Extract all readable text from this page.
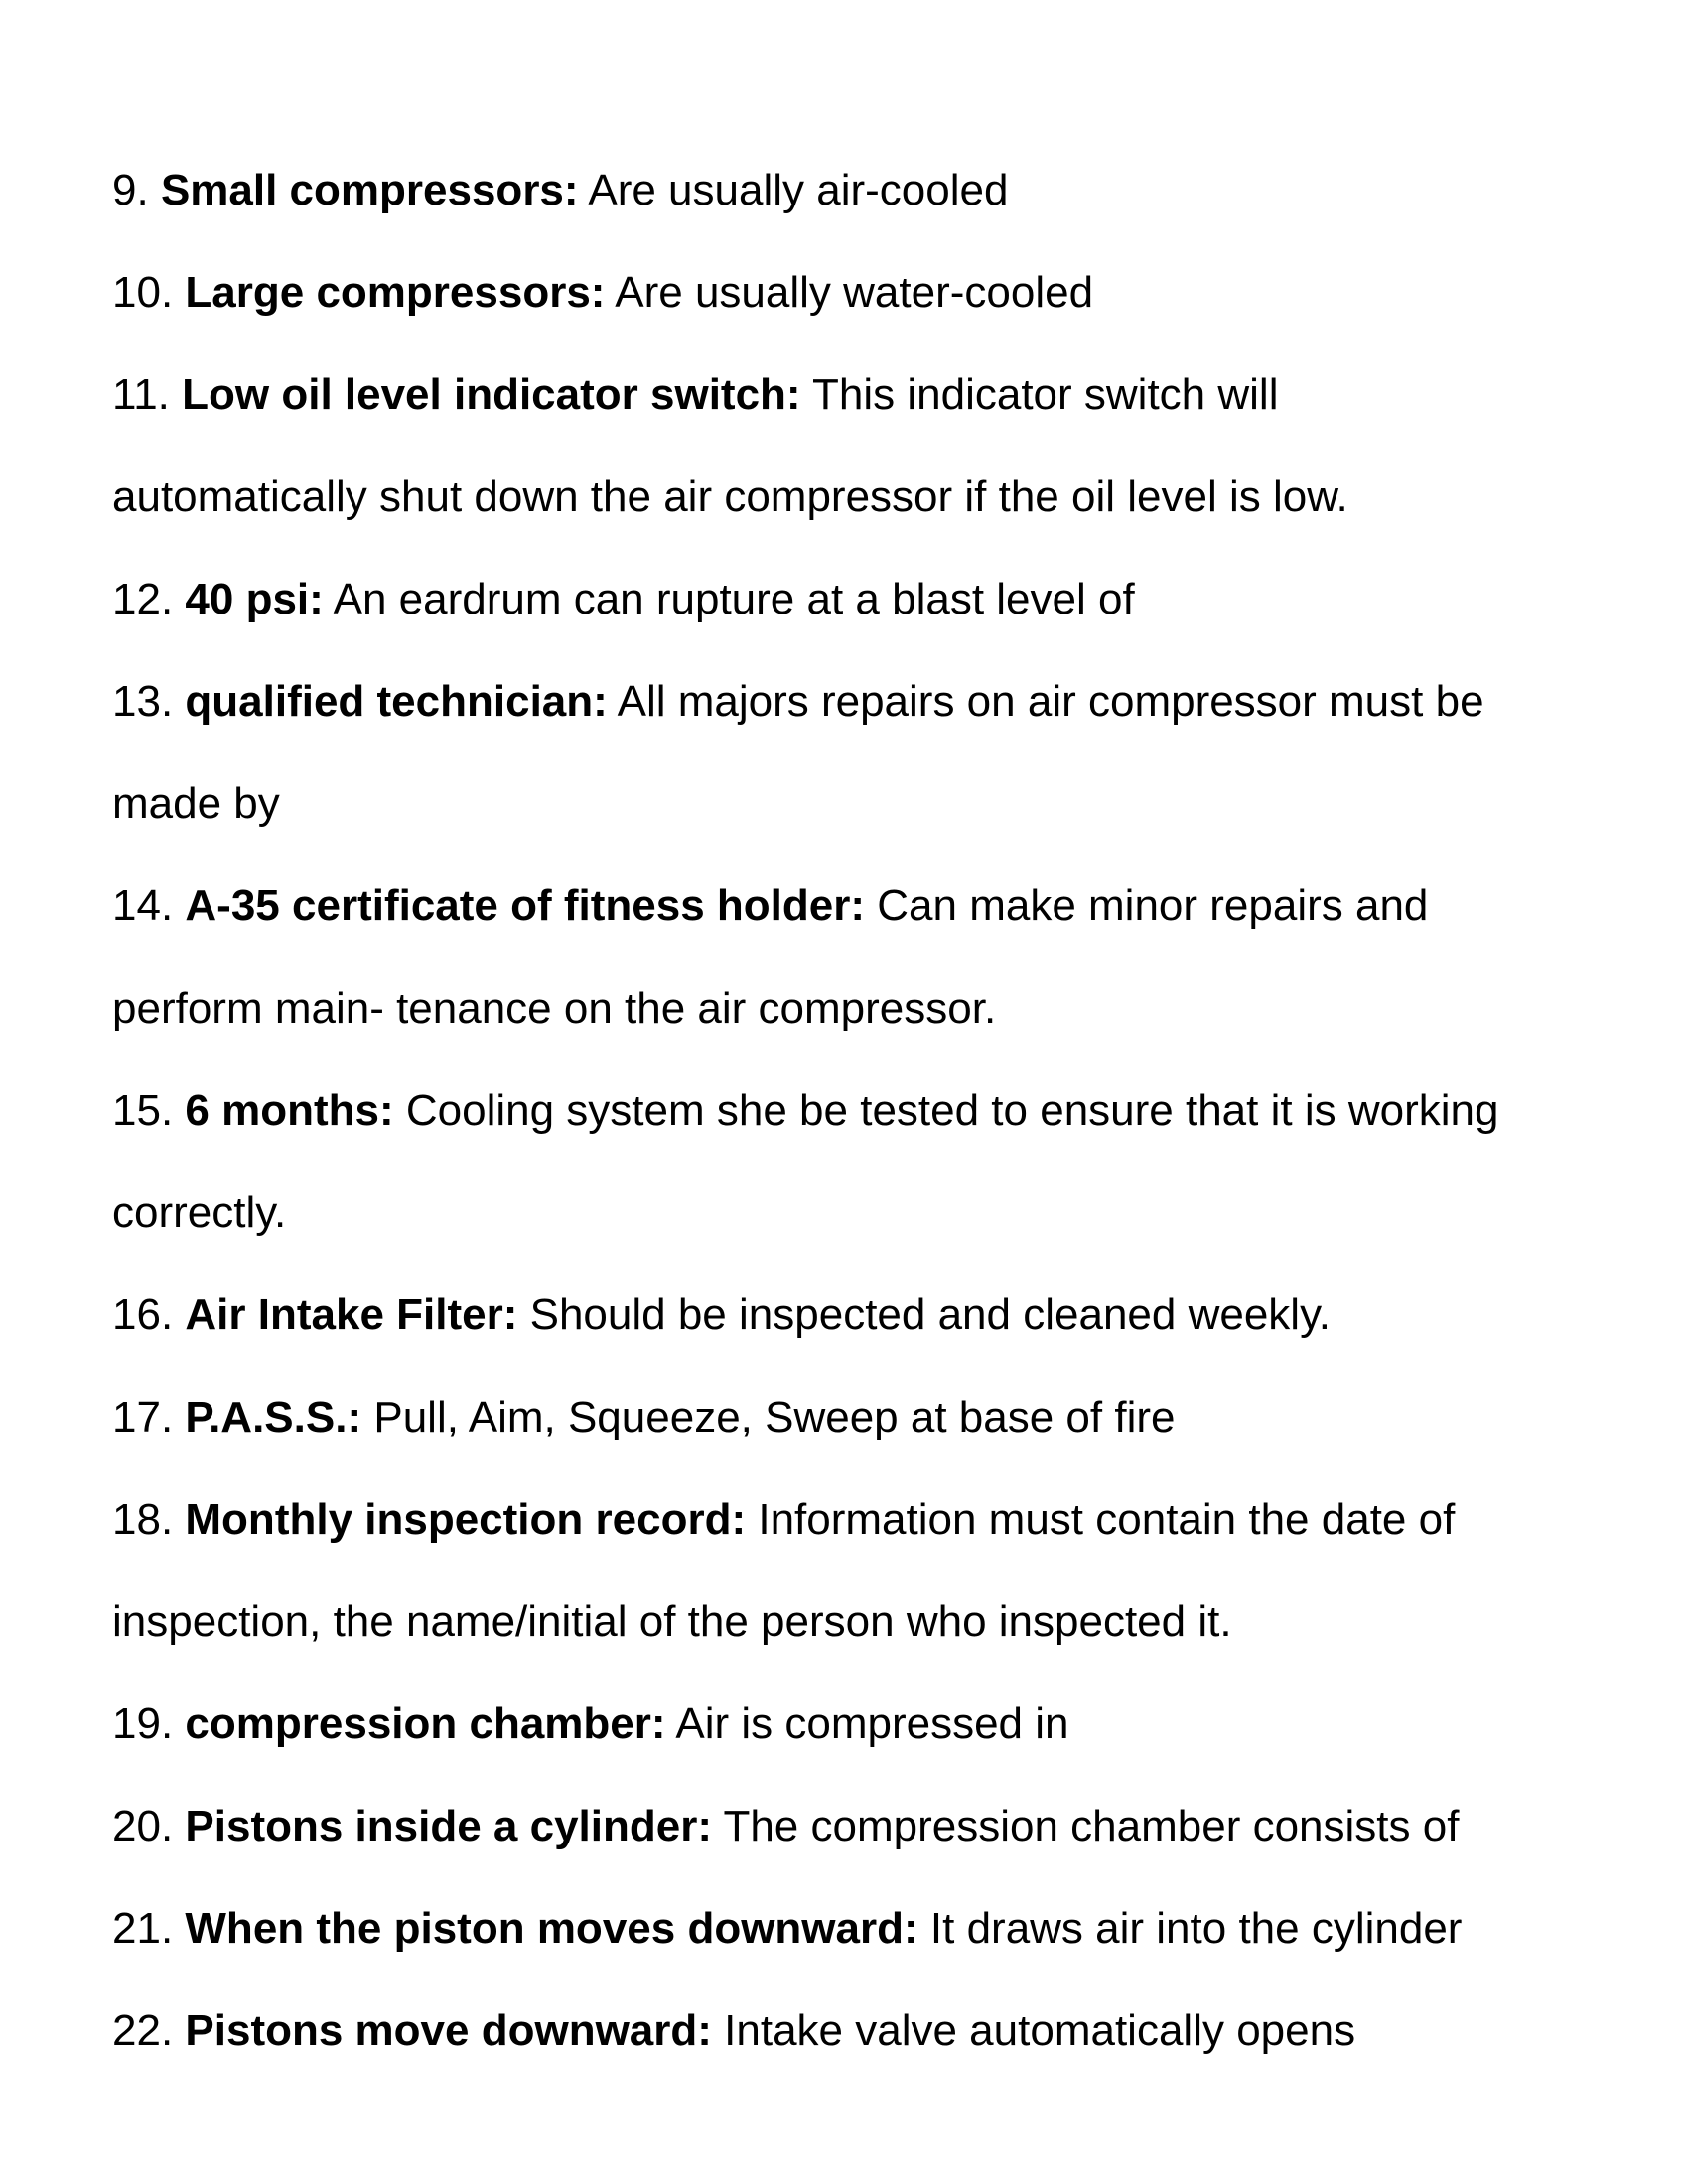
9. Small compressors: Are usually air-cooled

10. Large compressors: Are usually water-cooled

11. Low oil level indicator switch: This indicator switch will
automatically shut down the air compressor if the oil level is low.

12. 40 psi: An eardrum can rupture at a blast level of

13. qualified technician: All majors repairs on air compressor must be
made by

14. A-35 certificate of fitness holder: Can make minor repairs and
perform main- tenance on the air compressor.

15. 6 months: Cooling system she be tested to ensure that it is working
correctly.

16. Air Intake Filter: Should be inspected and cleaned weekly.

17. P.A.S.S.: Pull, Aim, Squeeze, Sweep at base of fire

18. Monthly inspection record: Information must contain the date of
inspection, the name/initial of the person who inspected it.

19. compression chamber: Air is compressed in

20. Pistons inside a cylinder: The compression chamber consists of

21. When the piston moves downward: It draws air into the cylinder

22. Pistons move downward: Intake valve automatically opens
